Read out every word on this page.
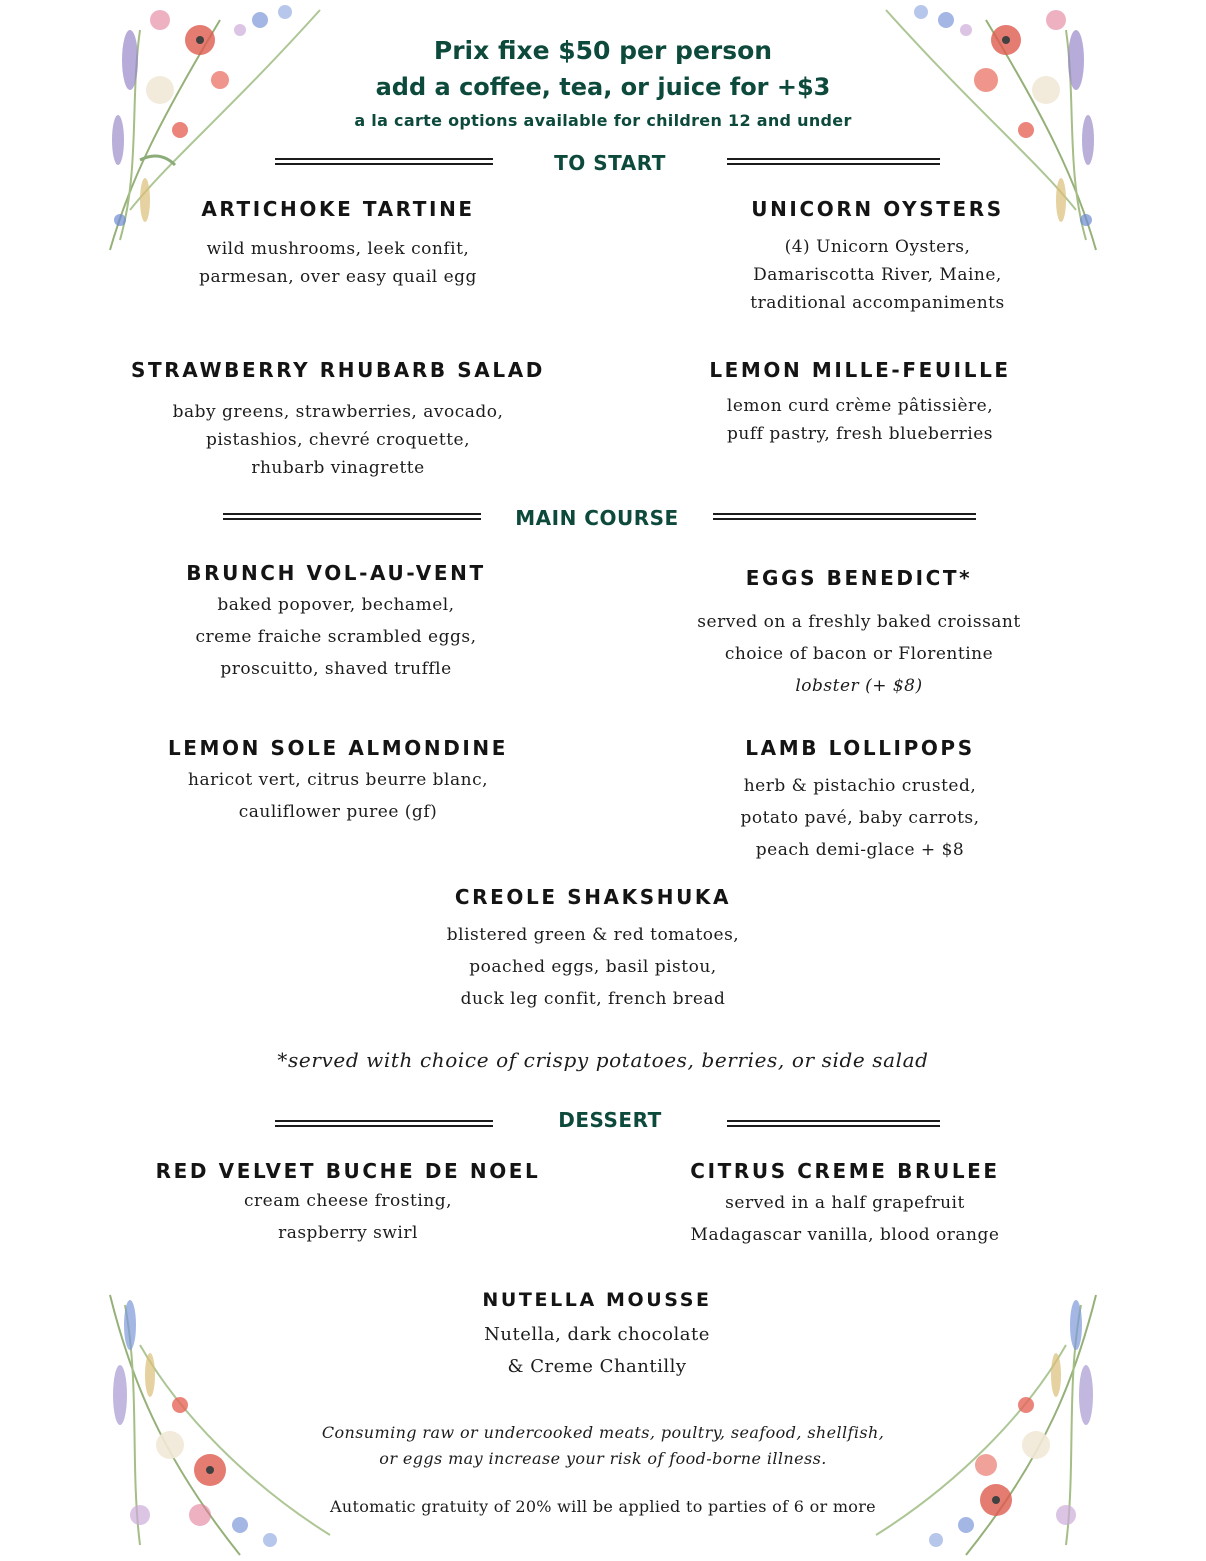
Prix fixe $50 per person
add a coffee, tea, or juice for +$3
a la carte options available for children 12 and under
TO START
ARTICHOKE TARTINE
wild mushrooms, leek confit,
parmesan, over easy quail egg
UNICORN OYSTERS
(4) Unicorn Oysters,
Damariscotta River, Maine,
traditional accompaniments
STRAWBERRY RHUBARB SALAD
baby greens, strawberries, avocado,
pistashios, chevré croquette,
rhubarb vinagrette
LEMON MILLE-FEUILLE
lemon curd crème pâtissière,
puff pastry, fresh blueberries
MAIN COURSE
BRUNCH VOL-AU-VENT
baked popover, bechamel,
creme fraiche scrambled eggs,
proscuitto, shaved truffle
EGGS BENEDICT*
served on a freshly baked croissant
choice of bacon or Florentine
lobster (+ $8)
LEMON SOLE ALMONDINE
haricot vert, citrus beurre blanc,
cauliflower puree (gf)
LAMB LOLLIPOPS
herb & pistachio crusted,
potato pavé, baby carrots,
peach demi-glace + $8
CREOLE SHAKSHUKA
blistered green & red tomatoes,
poached eggs, basil pistou,
duck leg confit, french bread
*served with choice of crispy potatoes, berries, or side salad
DESSERT
RED VELVET BUCHE DE NOEL
cream cheese frosting,
raspberry swirl
CITRUS CREME BRULEE
served in a half grapefruit
Madagascar vanilla, blood orange
NUTELLA MOUSSE
Nutella, dark chocolate
& Creme Chantilly
Consuming raw or undercooked meats, poultry, seafood, shellfish,
or eggs may increase your risk of food-borne illness.
Automatic gratuity of 20% will be applied to parties of 6 or more
